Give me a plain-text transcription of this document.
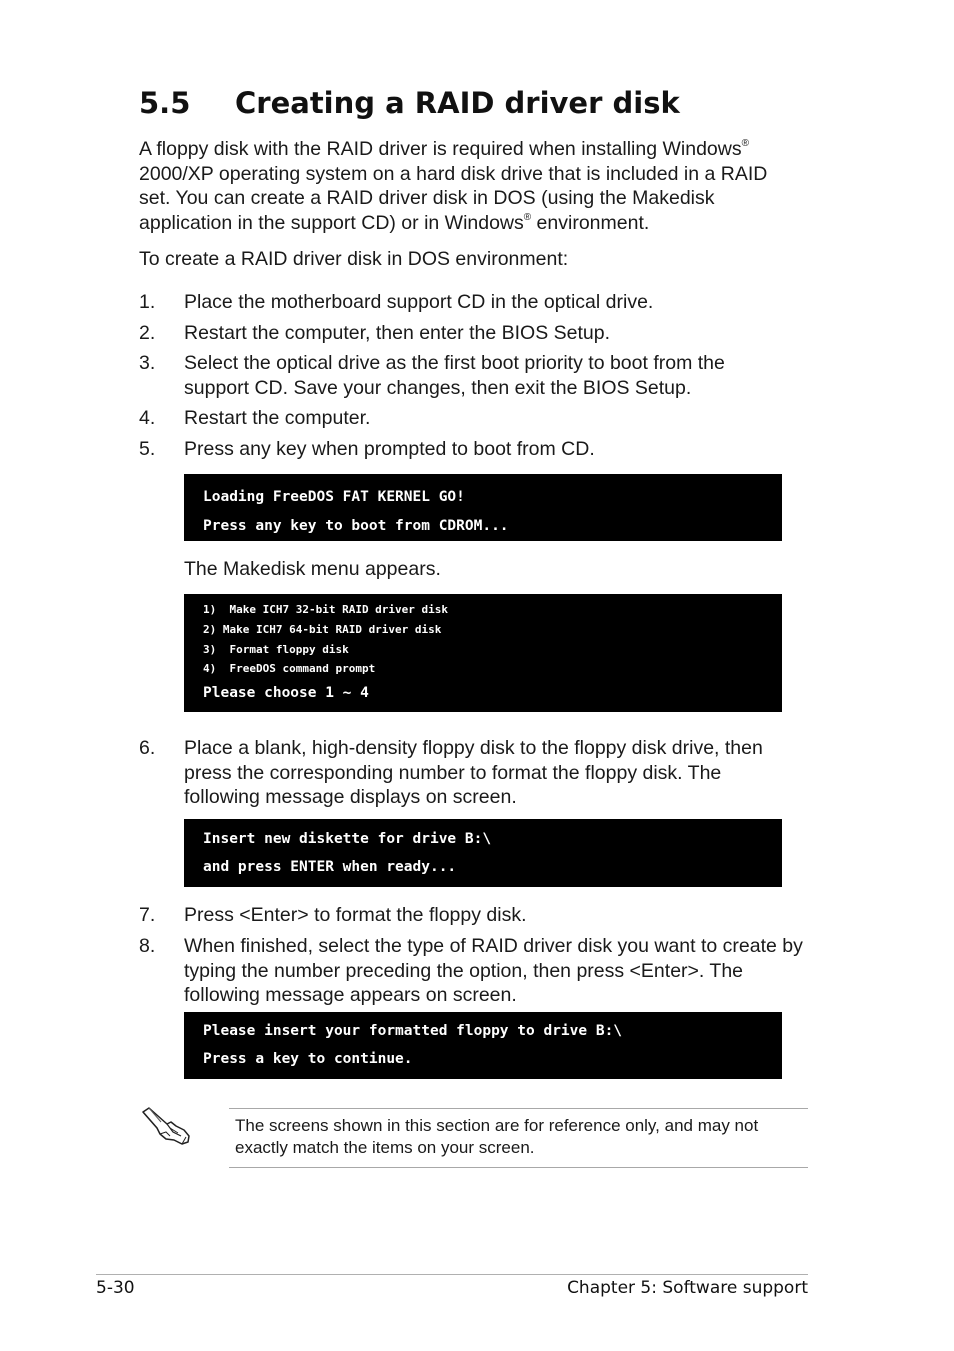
5.5 Creating a RAID driver disk

A floppy disk with the RAID driver is required when installing Windows® 2000/XP operating system on a hard disk drive that is included in a RAID set. You can create a RAID driver disk in DOS (using the Makedisk application in the support CD) or in Windows® environment.

To create a RAID driver disk in DOS environment:

1. Place the motherboard support CD in the optical drive.
2. Restart the computer, then enter the BIOS Setup.
3. Select the optical drive as the first boot priority to boot from the support CD. Save your changes, then exit the BIOS Setup.
4. Restart the computer.
5. Press any key when prompted to boot from CD.
Loading FreeDOS FAT KERNEL GO!
Press any key to boot from CDROM...

The Makedisk menu appears.

1)  Make ICH7 32-bit RAID driver disk
2) Make ICH7 64-bit RAID driver disk
3)  Format floppy disk
4)  FreeDOS command prompt
Please choose 1 ~ 4
6. Place a blank, high-density floppy disk to the floppy disk drive, then press the corresponding number to format the floppy disk. The following message displays on screen.
Insert new diskette for drive B:\
and press ENTER when ready...
7. Press <Enter> to format the floppy disk.
8. When finished, select the type of RAID driver disk you want to create by typing the number preceding the option, then press <Enter>. The following message appears on screen.
Please insert your formatted floppy to drive B:\
Press a key to continue.

The screens shown in this section are for reference only, and may not exactly match the items on your screen.

5-30	Chapter 5: Software support
